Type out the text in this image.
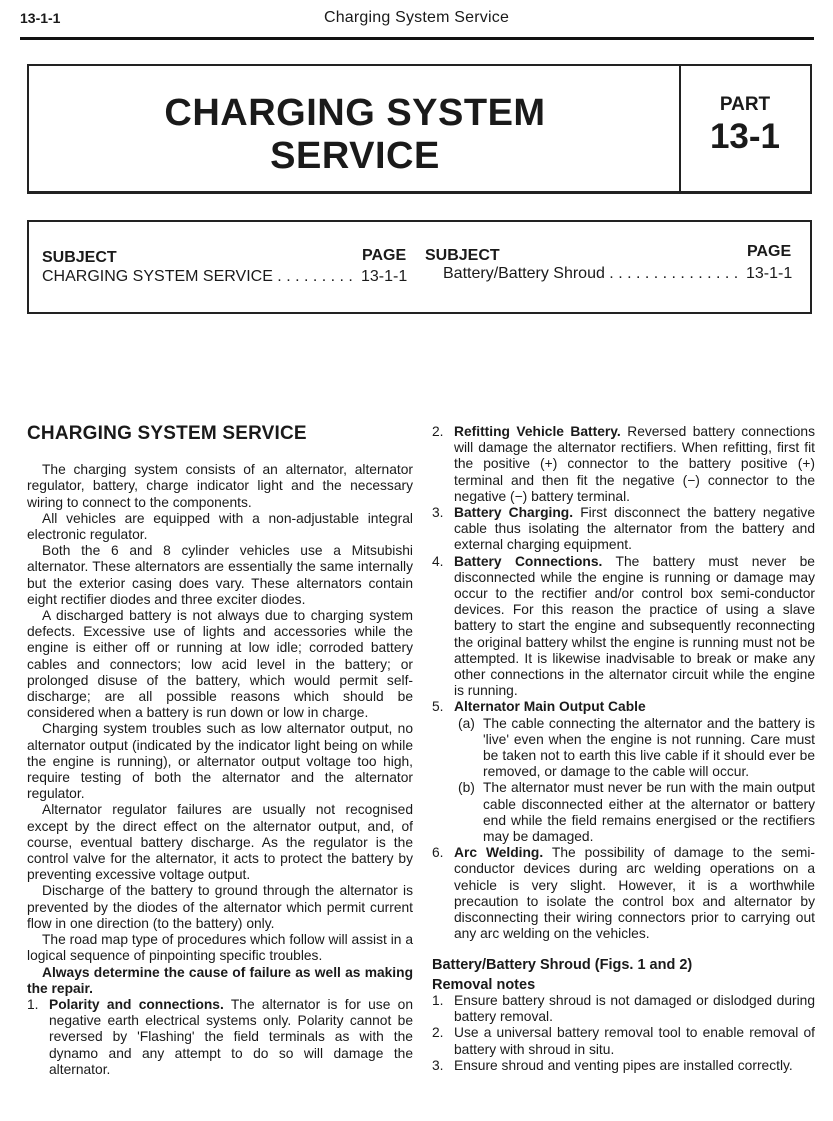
13-1-1	Charging System Service
CHARGING SYSTEM
SERVICE
PART
13-1
SUBJECT	PAGE SUBJECT	PAGE
CHARGING SYSTEM SERVICE . . . . . . . . . 13-1-1 Battery/Battery Shroud . . . . . . . . . . . . . . . 13-1-1

CHARGING SYSTEM SERVICE

The charging system consists of an alternator, alternator regulator, battery, charge indicator light and the necessary wiring to connect to the components.

All vehicles are equipped with a non-adjustable integral electronic regulator.

Both the 6 and 8 cylinder vehicles use a Mitsubishi alternator. These alternators are essentially the same internally but the exterior casing does vary. These alternators contain eight rectifier diodes and three exciter diodes.

A discharged battery is not always due to charging system defects. Excessive use of lights and accessories while the engine is either off or running at low idle; corroded battery cables and connectors; low acid level in the battery; or prolonged disuse of the battery, which would permit self-discharge; are all possible reasons which should be considered when a battery is run down or low in charge.

Charging system troubles such as low alternator output, no alternator output (indicated by the indicator light being on while the engine is running), or alternator output voltage too high, require testing of both the alternator and the alternator regulator.

Alternator regulator failures are usually not recognised except by the direct effect on the alternator output, and, of course, eventual battery discharge. As the regulator is the control valve for the alternator, it acts to protect the battery by preventing excessive voltage output.

Discharge of the battery to ground through the alternator is prevented by the diodes of the alternator which permit current flow in one direction (to the battery) only.

The road map type of procedures which follow will assist in a logical sequence of pinpointing specific troubles.

Always determine the cause of failure as well as making the repair.

1. Polarity and connections. The alternator is for use on negative earth electrical systems only. Polarity cannot be reversed by 'Flashing' the field terminals as with the dynamo and any attempt to do so will damage the alternator.
2. Refitting Vehicle Battery. Reversed battery connections will damage the alternator rectifiers. When refitting, first fit the positive (+) connector to the battery positive (+) terminal and then fit the negative (−) connector to the negative (−) battery terminal.
3. Battery Charging. First disconnect the battery negative cable thus isolating the alternator from the battery and external charging equipment.
4. Battery Connections. The battery must never be disconnected while the engine is running or damage may occur to the rectifier and/or control box semi-conductor devices. For this reason the practice of using a slave battery to start the engine and subsequently reconnecting the original battery whilst the engine is running must not be attempted. It is likewise inadvisable to break or make any other connections in the alternator circuit while the engine is running.
5. Alternator Main Output Cable
(a) The cable connecting the alternator and the battery is 'live' even when the engine is not running. Care must be taken not to earth this live cable if it should ever be removed, or damage to the cable will occur.
(b) The alternator must never be run with the main output cable disconnected either at the alternator or battery end while the field remains energised or the rectifiers may be damaged.
6. Arc Welding. The possibility of damage to the semi-conductor devices during arc welding operations on a vehicle is very slight. However, it is a worthwhile precaution to isolate the control box and alternator by disconnecting their wiring connectors prior to carrying out any arc welding on the vehicles.
Battery/Battery Shroud (Figs. 1 and 2)
Removal notes
1. Ensure battery shroud is not damaged or dislodged during battery removal.
2. Use a universal battery removal tool to enable removal of battery with shroud in situ.
3. Ensure shroud and venting pipes are installed correctly.
